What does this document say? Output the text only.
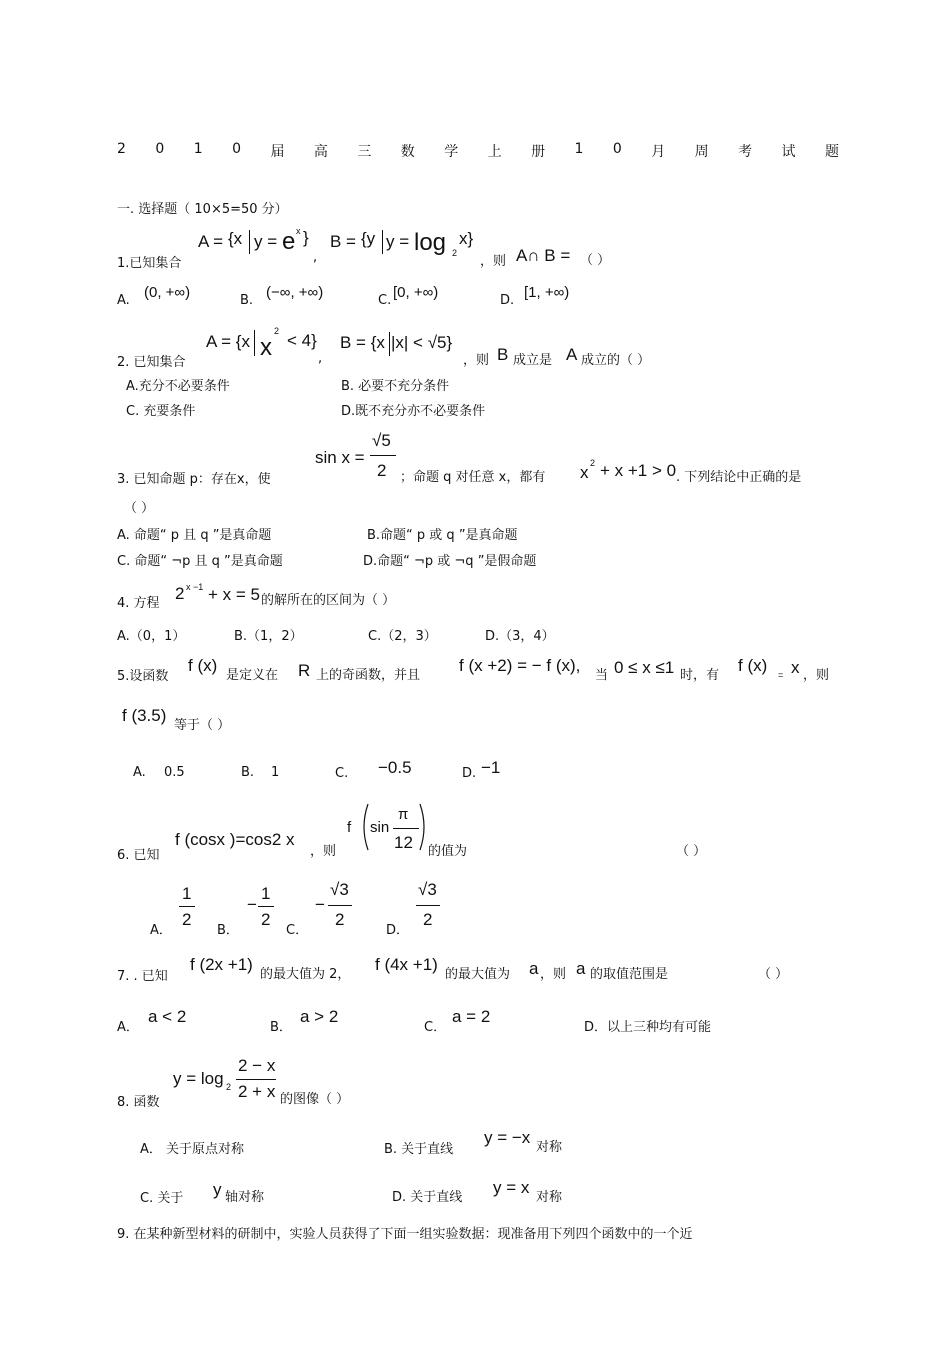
2 0 1 0 届 高 三 数 学 上 册 1 0 月 周 考 试 题
一. 选择题（ 10×5=50 分）
1.已知集合
A = {x y = e x }
,
B = {y y = log 2
x}
，则 A∩ B = （ ）
A. (0, +∞)	B. (−∞, +∞)	C. [0, +∞)	D. [1, +∞)
2. 已知集合
A = {x x
2 < 4}
,
B = {x |x| < √5}
，则 B 成立是 A 成立的（ ）
A.充分不必要条件	B. 必要不充分条件
C. 充要条件	D.既不充分亦不必要条件
3. 已知命题 p：存在x，使
sin x =
√5
2 ；命题 q 对任意 x，都有 x 2 + x +1 > 0 . 下列结论中正确的是
（ ）
A. 命题“ p 且 q ”是真命题	B.命题“ p 或 q ”是真命题
C. 命题“ ¬p 且 q ”是真命题	D.命题“ ¬p 或 ¬q ”是假命题
4. 方程
2 x −1 + x = 5 的解所在的区间为（ ）
A.（0，1）	B.（1，2）	C.（2，3）	D.（3，4）
5.设函数
f (x)
是定义在 R 上的奇函数，并且
f (x +2) = − f (x),
当 0 ≤ x ≤1 时，有
f (x) = x ，则
f (3.5)
等于（ ）
A. 0.5	B. 1	C. −0.5	D. −1
6. 已知
f (cosx )=cos2 x
，则
f sin
π
12 的值为	（ ）
A．
1
2
B．
−
1
2
C．
−
√3
2
D．
√3
2
7. . 已知
f (2x +1)
的最大值为 2，
f (4x +1)
的最大值为 a ，则 a 的取值范围是	（ ）
A．
a < 2
B．
a > 2
C．
a = 2
D．以上三种均有可能
8. 函数
y = log 2
2 − x
2 + x 的图像（ ）
A． 关于原点对称	B. 关于直线
y = −x
对称
C. 关于 y 轴对称	D. 关于直线
y = x
对称
9. 在某种新型材料的研制中，实验人员获得了下面一组实验数据：现准备用下列四个函数中的一个近
